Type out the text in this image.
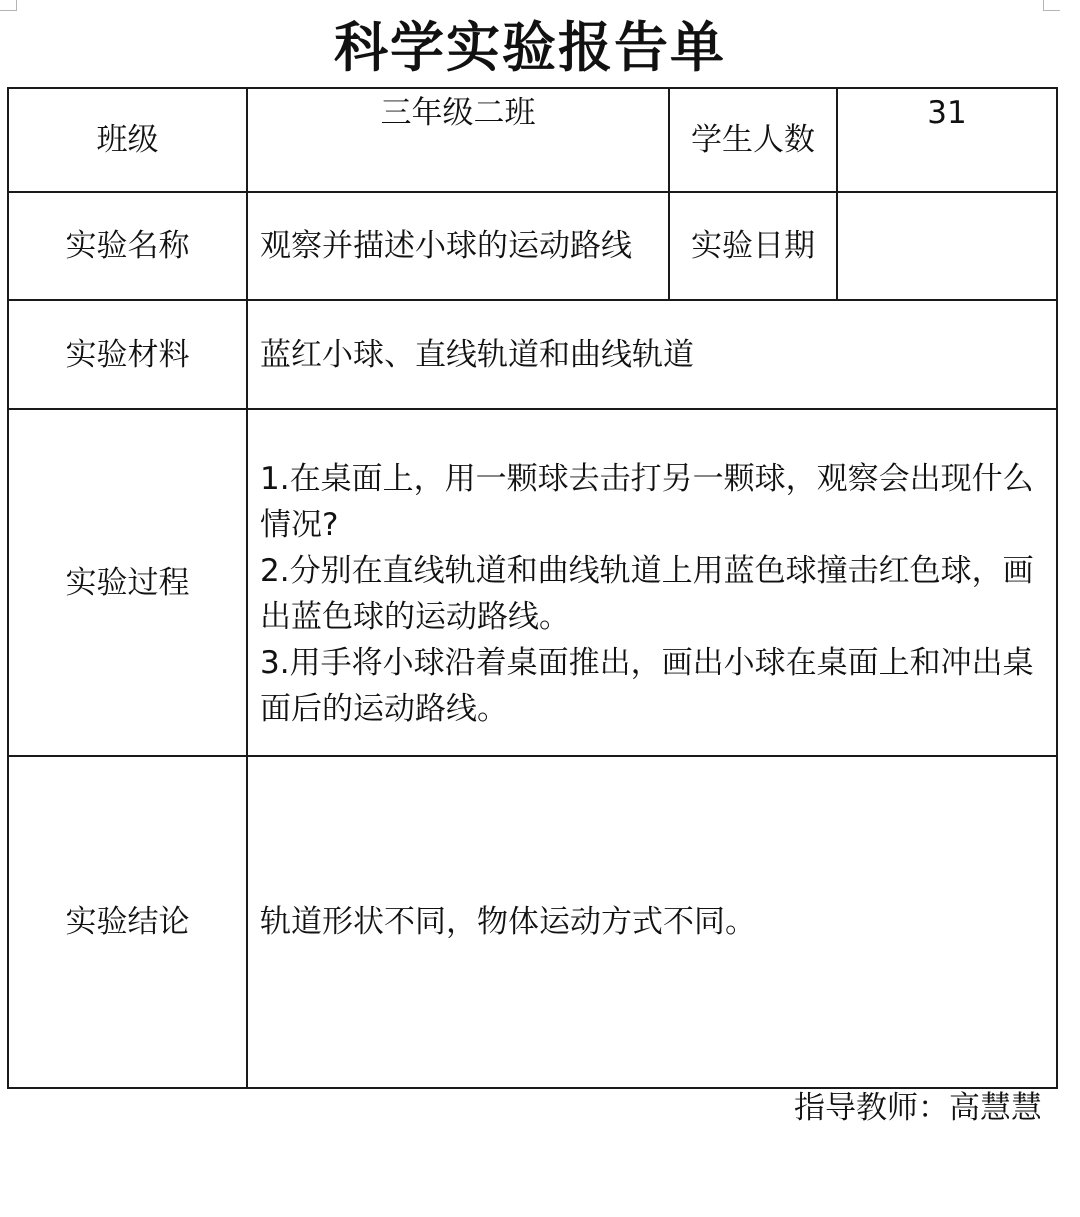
科学实验报告单
班级	三年级二班	学生人数	31
实验名称	观察并描述小球的运动路线	实验日期	
实验材料	蓝红小球、直线轨道和曲线轨道		
实验过程	1.在桌面上，用一颗球去击打另一颗球，观察会出现什么情况?

2.分别在直线轨道和曲线轨道上用蓝色球撞击红色球，画出蓝色球的运动路线。

3.用手将小球沿着桌面推出，画出小球在桌面上和冲出桌面后的运动路线。		

实验结论	轨道形状不同，物体运动方式不同。		
指导教师：高慧慧
